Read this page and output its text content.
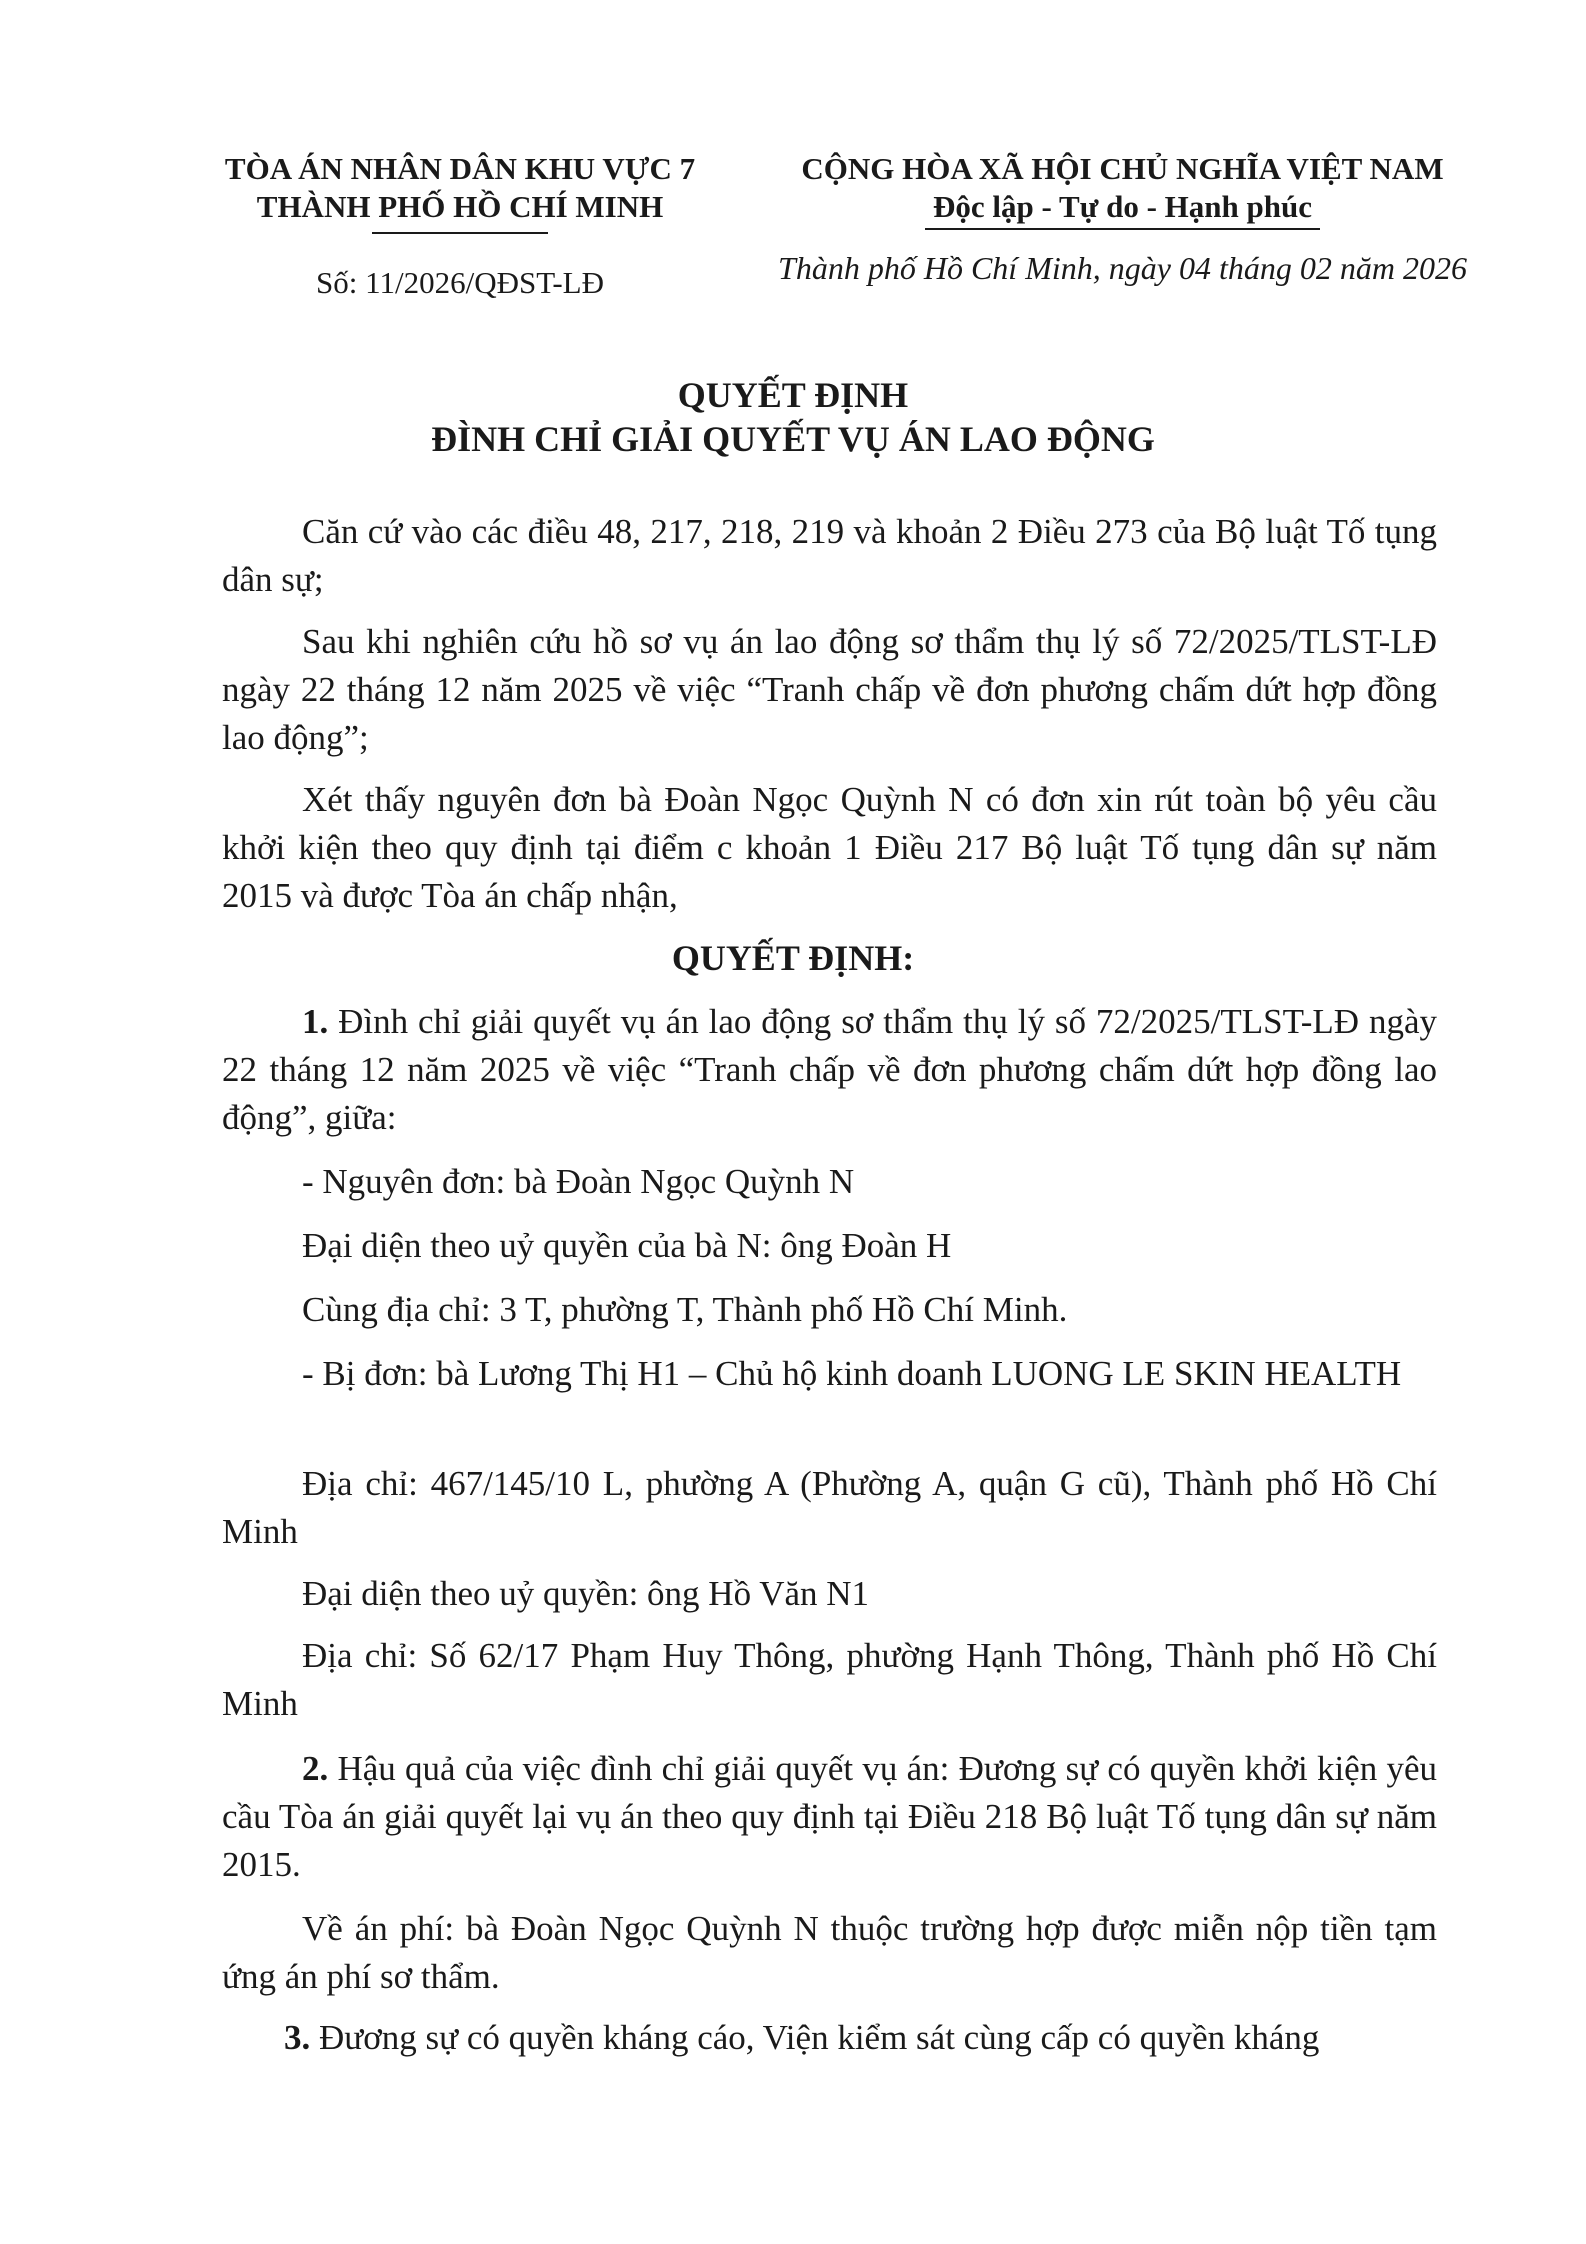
TÒA ÁN NHÂN DÂN KHU VỰC 7
THÀNH PHỐ HỒ CHÍ MINH
Số: 11/2026/QĐST-LĐ
CỘNG HÒA XÃ HỘI CHỦ NGHĨA VIỆT NAM
Độc lập - Tự do - Hạnh phúc
Thành phố Hồ Chí Minh, ngày 04 tháng 02 năm 2026
QUYẾT ĐỊNH
ĐÌNH CHỈ GIẢI QUYẾT VỤ ÁN LAO ĐỘNG
Căn cứ vào các điều 48, 217, 218, 219 và khoản 2 Điều 273 của Bộ luật Tố tụng dân sự;
Sau khi nghiên cứu hồ sơ vụ án lao động sơ thẩm thụ lý số 72/2025/TLST-LĐ ngày 22 tháng 12 năm 2025 về việc “Tranh chấp về đơn phương chấm dứt hợp đồng lao động”;
Xét thấy nguyên đơn bà Đoàn Ngọc Quỳnh N có đơn xin rút toàn bộ yêu cầu khởi kiện theo quy định tại điểm c khoản 1 Điều 217 Bộ luật Tố tụng dân sự năm 2015 và được Tòa án chấp nhận,
QUYẾT ĐỊNH:
1. Đình chỉ giải quyết vụ án lao động sơ thẩm thụ lý số 72/2025/TLST-LĐ ngày 22 tháng 12 năm 2025 về việc “Tranh chấp về đơn phương chấm dứt hợp đồng lao động”, giữa:
- Nguyên đơn: bà Đoàn Ngọc Quỳnh N
Đại diện theo uỷ quyền của bà N: ông Đoàn H
Cùng địa chỉ: 3 T, phường T, Thành phố Hồ Chí Minh.
- Bị đơn: bà Lương Thị H1 – Chủ hộ kinh doanh LUONG LE SKIN HEALTH
Địa chỉ: 467/145/10 L, phường A (Phường A, quận G cũ), Thành phố Hồ Chí Minh
Đại diện theo uỷ quyền: ông Hồ Văn N1
Địa chỉ: Số 62/17 Phạm Huy Thông, phường Hạnh Thông, Thành phố Hồ Chí Minh
2. Hậu quả của việc đình chỉ giải quyết vụ án: Đương sự có quyền khởi kiện yêu cầu Tòa án giải quyết lại vụ án theo quy định tại Điều 218 Bộ luật Tố tụng dân sự năm 2015.
Về án phí: bà Đoàn Ngọc Quỳnh N thuộc trường hợp được miễn nộp tiền tạm ứng án phí sơ thẩm.
3. Đương sự có quyền kháng cáo, Viện kiểm sát cùng cấp có quyền kháng
